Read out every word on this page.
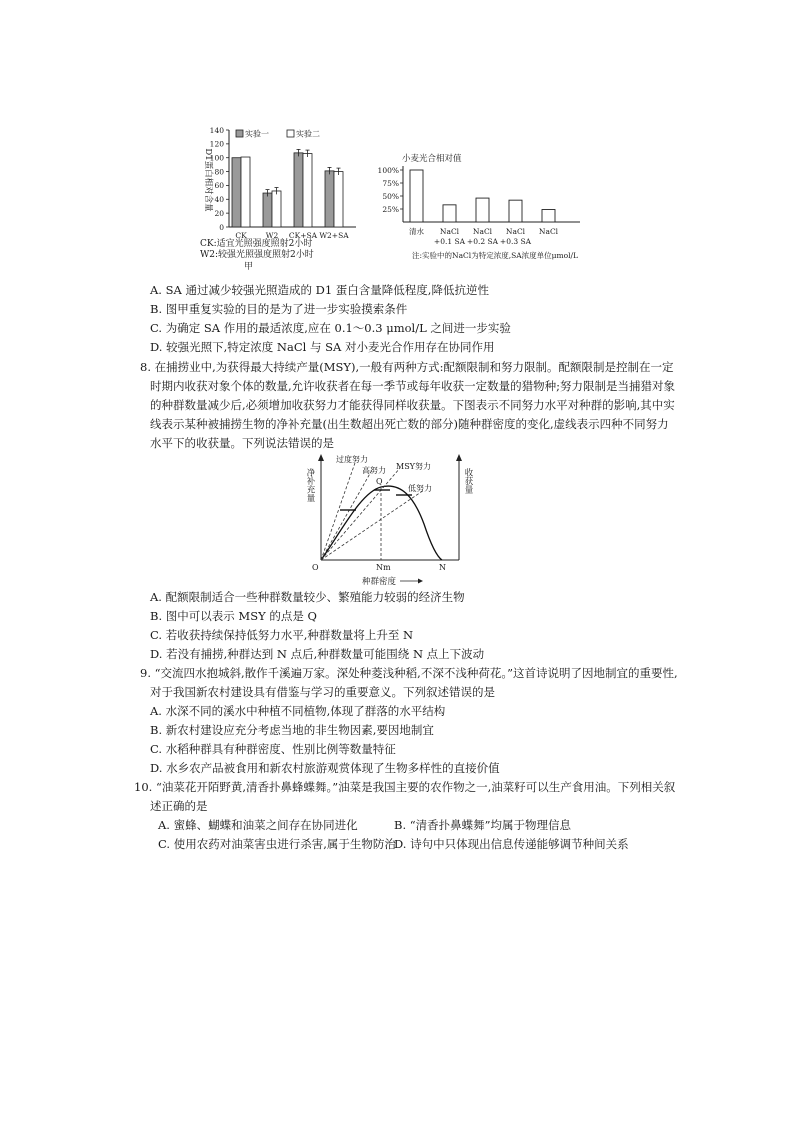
D1蛋白相对含量
140
120
100
80
60
40
20
0
实验一	实验二
CK	W2 CK+SA W2+SA
CK:适宜光照强度照射2小时
W2:较强光照强度照射2小时
甲
小麦光合相对值
100%
75%
50%
25%
清水 NaCl
+0.1 SA
NaCl
+0.2 SA
NaCl
+0.3 SA
NaCl
注:实验中的NaCl为特定浓度,SA浓度单位μmol/L
A. SA 通过减少较强光照造成的 D1 蛋白含量降低程度,降低抗逆性
B. 图甲重复实验的目的是为了进一步实验摸索条件
C. 为确定 SA 作用的最适浓度,应在 0.1～0.3 μmol/L 之间进一步实验
D. 较强光照下,特定浓度 NaCl 与 SA 对小麦光合作用存在协同作用
8. 在捕捞业中,为获得最大持续产量(MSY),一般有两种方式:配额限制和努力限制。配额限制是控制在一定
时期内收获对象个体的数量,允许收获者在每一季节或每年收获一定数量的猎物种;努力限制是当捕猎对象
的种群数量减少后,必须增加收获努力才能获得同样收获量。下图表示不同努力水平对种群的影响,其中实
线表示某种被捕捞生物的净补充量(出生数超出死亡数的部分)随种群密度的变化,虚线表示四种不同努力
水平下的收获量。下列说法错误的是
净补充量	收获量
过度努力
高努力 MSY努力
低努力
Q
O	Nm	N
种群密度
A. 配额限制适合一些种群数量较少、繁殖能力较弱的经济生物
B. 图中可以表示 MSY 的点是 Q
C. 若收获持续保持低努力水平,种群数量将上升至 N
D. 若没有捕捞,种群达到 N 点后,种群数量可能围绕 N 点上下波动
9. “交流四水抱城斜,散作千溪遍万家。深处种菱浅种稻,不深不浅种荷花。”这首诗说明了因地制宜的重要性,
对于我国新农村建设具有借鉴与学习的重要意义。下列叙述错误的是
A. 水深不同的溪水中种植不同植物,体现了群落的水平结构
B. 新农村建设应充分考虑当地的非生物因素,要因地制宜
C. 水稻种群具有种群密度、性别比例等数量特征
D. 水乡农产品被食用和新农村旅游观赏体现了生物多样性的直接价值
10. “油菜花开陌野黄,清香扑鼻蜂蝶舞。”油菜是我国主要的农作物之一,油菜籽可以生产食用油。下列相关叙
述正确的是
A. 蜜蜂、蝴蝶和油菜之间存在协同进化	B. “清香扑鼻蝶舞”均属于物理信息
C. 使用农药对油菜害虫进行杀害,属于生物防治
D. 诗句中只体现出信息传递能够调节种间关系
